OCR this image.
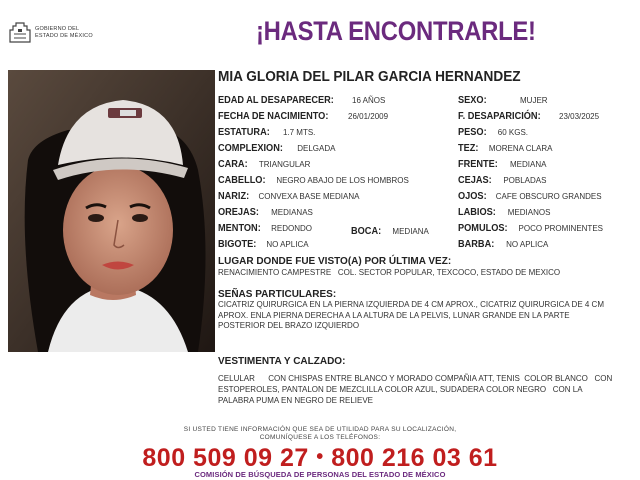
GOBIERNO DEL
ESTADO DE MÉXICO	¡HASTA ENCONTRARLE!
MIA GLORIA DEL PILAR GARCIA HERNANDEZ
EDAD AL DESAPARECER:	16 AÑOS
FECHA DE NACIMIENTO:	26/01/2009
ESTATURA: 1.7 MTS.
COMPLEXION: DELGADA
CARA: TRIANGULAR
CABELLO: NEGRO ABAJO DE LOS HOMBROS
NARIZ: CONVEXA BASE MEDIANA
OREJAS: MEDIANAS
MENTON: REDONDO	BOCA: MEDIANA
BIGOTE: NO APLICA
SEXO:	MUJER
F. DESAPARICIÓN:	23/03/2025
PESO: 60 KGS.
TEZ: MORENA CLARA
FRENTE: MEDIANA
CEJAS: POBLADAS
OJOS: CAFE OBSCURO GRANDES
LABIOS: MEDIANOS
POMULOS: POCO PROMINENTES
BARBA: NO APLICA
LUGAR DONDE FUE VISTO(A) POR ÚLTIMA VEZ:
RENACIMIENTO CAMPESTRE   COL. SECTOR POPULAR, TEXCOCO, ESTADO DE MEXICO
SEÑAS PARTICULARES:
CICATRIZ QUIRURGICA EN LA PIERNA IZQUIERDA DE 4 CM APROX., CICATRIZ QUIRURGICA DE 4 CM APROX. ENLA PIERNA DERECHA A LA ALTURA DE LA PELVIS, LUNAR GRANDE EN LA PARTE POSTERIOR DEL BRAZO IZQUIERDO
VESTIMENTA Y CALZADO:
CELULAR      CON CHISPAS ENTRE BLANCO Y MORADO COMPAÑIA ATT, TENIS  COLOR BLANCO   CON ESTOPEROLES, PANTALON DE MEZCLILLA COLOR AZUL, SUDADERA COLOR NEGRO   CON LA PALABRA PUMA EN NEGRO DE RELIEVE
SI USTED TIENE INFORMACIÓN QUE SEA DE UTILIDAD PARA SU LOCALIZACIÓN,
COMUNÍQUESE A LOS TELÉFONOS:
800 509 09 27 • 800 216 03 61
COMISIÓN DE BÚSQUEDA DE PERSONAS DEL ESTADO DE MÉXICO
